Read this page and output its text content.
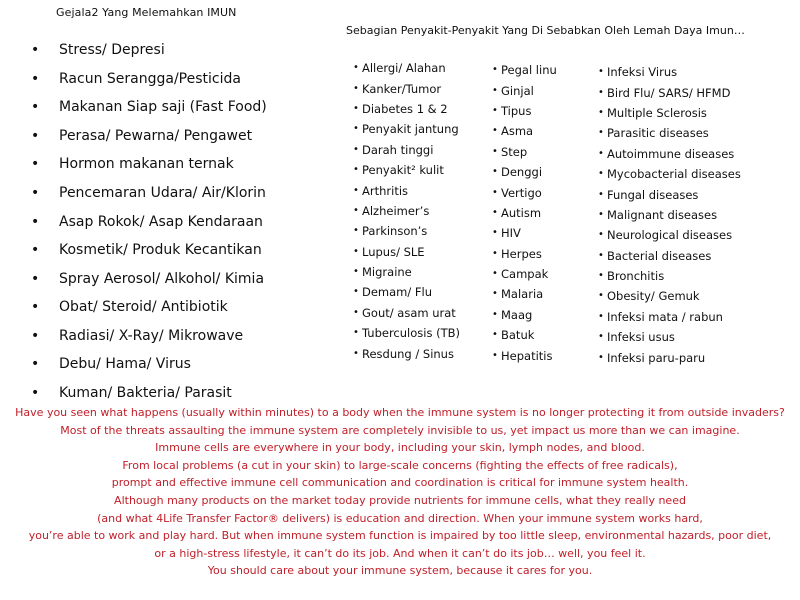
Gejala2 Yang Melemahkan IMUN
Sebagian Penyakit-Penyakit Yang Di Sebabkan Oleh Lemah Daya Imun…
•	Stress/ Depresi
•	Racun Serangga/Pesticida
•	Makanan Siap saji (Fast Food)
•	Perasa/ Pewarna/ Pengawet
•	Hormon makanan ternak
•	Pencemaran Udara/ Air/Klorin
•	Asap Rokok/ Asap Kendaraan
•	Kosmetik/ Produk Kecantikan
•	Spray Aerosol/ Alkohol/ Kimia
•	Obat/ Steroid/ Antibiotik
•	Radiasi/ X-Ray/ Mikrowave
•	Debu/ Hama/ Virus
•	Kuman/ Bakteria/ Parasit
• Allergi/ Alahan
• Kanker/Tumor
• Diabetes 1 & 2
• Penyakit jantung
• Darah tinggi
• Penyakit² kulit
• Arthritis
• Alzheimer’s
• Parkinson’s
• Lupus/ SLE
• Migraine
• Demam/ Flu
• Gout/ asam urat
• Tuberculosis (TB)
• Resdung / Sinus
• Pegal linu
• Ginjal
• Tipus
• Asma
• Step
• Denggi
• Vertigo
• Autism
• HIV
• Herpes
• Campak
• Malaria
• Maag
• Batuk
• Hepatitis
• Infeksi Virus
• Bird Flu/ SARS/ HFMD
• Multiple Sclerosis
• Parasitic diseases
• Autoimmune diseases
• Mycobacterial diseases
• Fungal diseases
• Malignant diseases
• Neurological diseases
• Bacterial diseases
• Bronchitis
• Obesity/ Gemuk
• Infeksi mata / rabun
• Infeksi usus
• Infeksi paru-paru
Have you seen what happens (usually within minutes) to a body when the immune system is no longer protecting it from outside invaders?
Most of the threats assaulting the immune system are completely invisible to us, yet impact us more than we can imagine.
Immune cells are everywhere in your body, including your skin, lymph nodes, and blood.
From local problems (a cut in your skin) to large-scale concerns (fighting the effects of free radicals),
prompt and effective immune cell communication and coordination is critical for immune system health.
Although many products on the market today provide nutrients for immune cells, what they really need
(and what 4Life Transfer Factor® delivers) is education and direction. When your immune system works hard,
you’re able to work and play hard. But when immune system function is impaired by too little sleep, environmental hazards, poor diet,
or a high-stress lifestyle, it can’t do its job. And when it can’t do its job… well, you feel it.
You should care about your immune system, because it cares for you.
